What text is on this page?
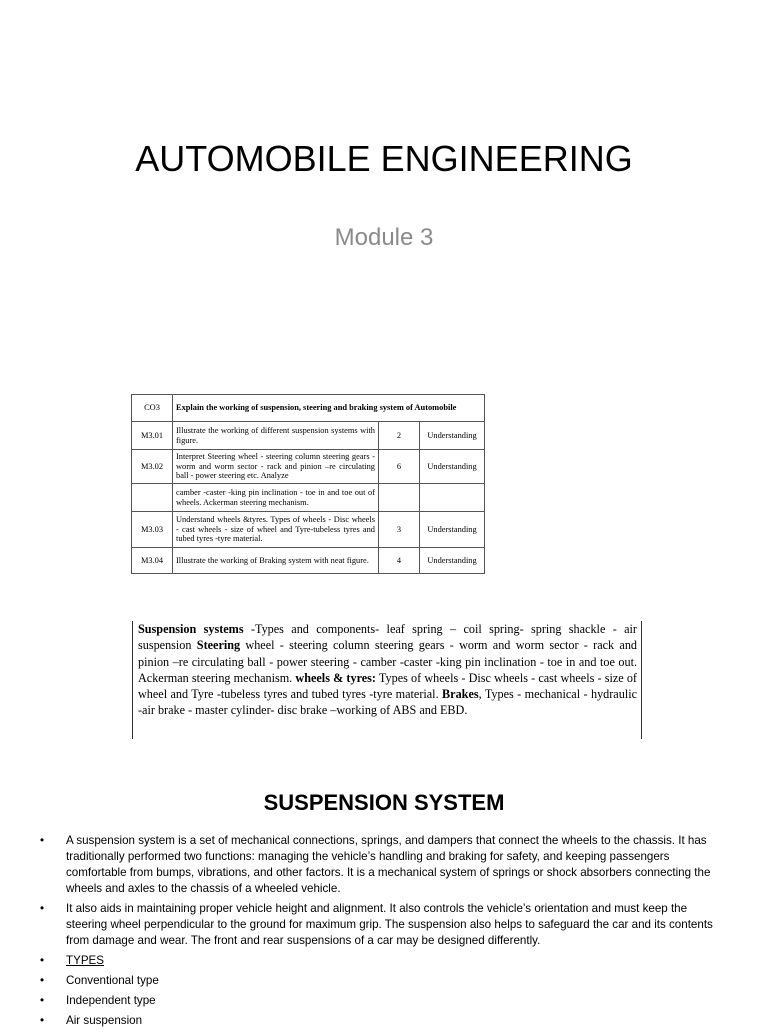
AUTOMOBILE ENGINEERING
Module 3
CO3	Explain the working of suspension, steering and braking system of Automobile		
M3.01	Illustrate the working of different suspension systems with figure.	2	Understanding
M3.02	Interpret Steering wheel - steering column steering gears - worm and worm sector - rack and pinion –re circulating ball - power steering etc. Analyze	6	Understanding
	camber -caster -king pin inclination - toe in and toe out of wheels. Ackerman steering mechanism.		
M3.03	Understand wheels &tyres. Types of wheels - Disc wheels - cast wheels - size of wheel and Tyre-tubeless tyres and tubed tyres -tyre material.	3	Understanding
M3.04	Illustrate the working of Braking system with neat figure.	4	Understanding
Suspension systems -Types and components- leaf spring – coil spring- spring shackle - air suspension Steering wheel - steering column steering gears - worm and worm sector - rack and pinion –re circulating ball - power steering - camber -caster -king pin inclination - toe in and toe out. Ackerman steering mechanism. wheels & tyres: Types of wheels - Disc wheels - cast wheels - size of wheel and Tyre -tubeless tyres and tubed tyres -tyre material. Brakes, Types - mechanical - hydraulic -air brake - master cylinder- disc brake –working of ABS and EBD.
SUSPENSION SYSTEM
• A suspension system is a set of mechanical connections, springs, and dampers that connect the wheels to the chassis. It has traditionally performed two functions: managing the vehicle’s handling and braking for safety, and keeping passengers comfortable from bumps, vibrations, and other factors. It is a mechanical system of springs or shock absorbers connecting the wheels and axles to the chassis of a wheeled vehicle.
• It also aids in maintaining proper vehicle height and alignment. It also controls the vehicle’s orientation and must keep the steering wheel perpendicular to the ground for maximum grip. The suspension also helps to safeguard the car and its contents from damage and wear. The front and rear suspensions of a car may be designed differently.
• TYPES
• Conventional type
• Independent type
• Air suspension
